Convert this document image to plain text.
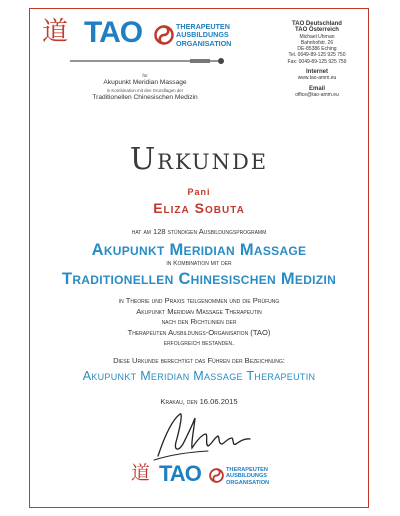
道 TAO	THERAPEUTEN
AUSBILDUNGS
ORGANISATION
für
Akupunkt Meridian Massage
in Kombination mit den Grundlagen der
Traditionellen Chinesischen Medizin
TAO Deutschland
TAO Österreich
Michael Uhrnan
Bahnhofstr. 26
DE-85386 Eching
Tel. 0049-89-125 925 750
Fax: 0049-89-125 925 759
Internet
www.tao-amm.eu
Email
office@tao-amm.eu
Urkunde
Pani
Eliza Sobuta
hat am 128 stündigen Ausbildungsprogramm
Akupunkt Meridian Massage
in Kombination mit der
Traditionellen Chinesischen Medizin
in Theorie und Praxis teilgenommen und die Prüfung
Akupunkt Meridian Massage Therapeutin
nach den Richtlinien der
Therapeuten Ausbildungs-Organisation (TAO)
erfolgreich bestanden.
Diese Urkunde berechtigt das Führen der Bezeichnung:
Akupunkt Meridian Massage Therapeutin
Krakau, den 16.06.2015
道 TAO	THERAPEUTEN
AUSBILDUNGS
ORGANISATION
